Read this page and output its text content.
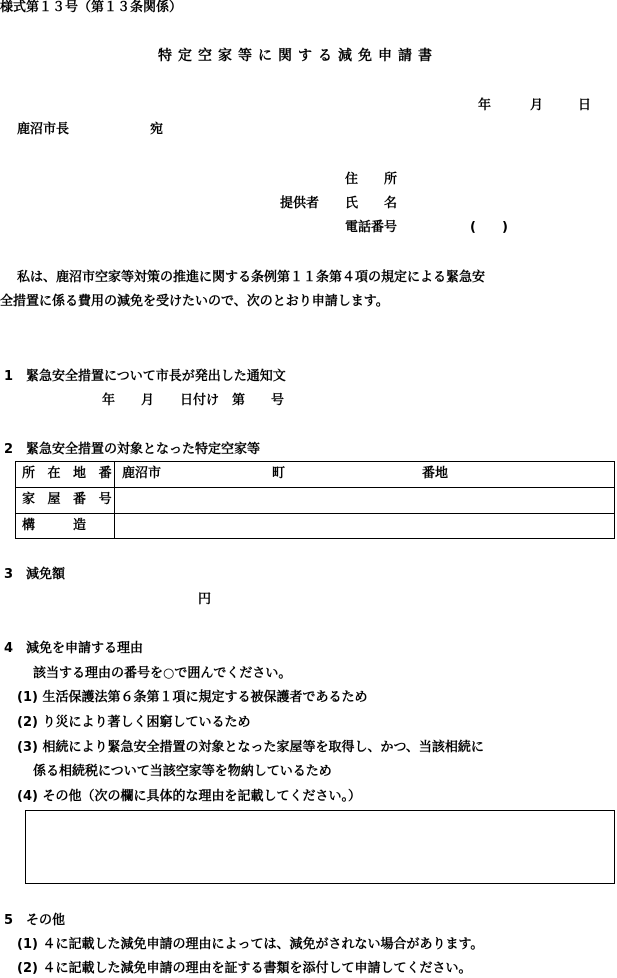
様式第１３号（第１３条関係）
特定空家等に関する減免申請書
年	月	日
鹿沼市長	宛
住　　所
提供者 氏　　名
電話番号	(　　)
私は、鹿沼市空家等対策の推進に関する条例第１１条第４項の規定による緊急安
全措置に係る費用の減免を受けたいので、次のとおり申請します。
1　緊急安全措置について市長が発出した通知文
年　　月　　日付け　第　　号
2　緊急安全措置の対象となった特定空家等
所 在 地 番 鹿沼市	町	番地
家 屋 番 号
構　　造
3　減免額
円
4　減免を申請する理由
該当する理由の番号を○で囲んでください。
(1) 生活保護法第６条第１項に規定する被保護者であるため
(2) り災により著しく困窮しているため
(3) 相続により緊急安全措置の対象となった家屋等を取得し、かつ、当該相続に
係る相続税について当該空家等を物納しているため
(4) その他（次の欄に具体的な理由を記載してください。）
5　その他
(1) ４に記載した減免申請の理由によっては、減免がされない場合があります。
(2) ４に記載した減免申請の理由を証する書類を添付して申請してください。
